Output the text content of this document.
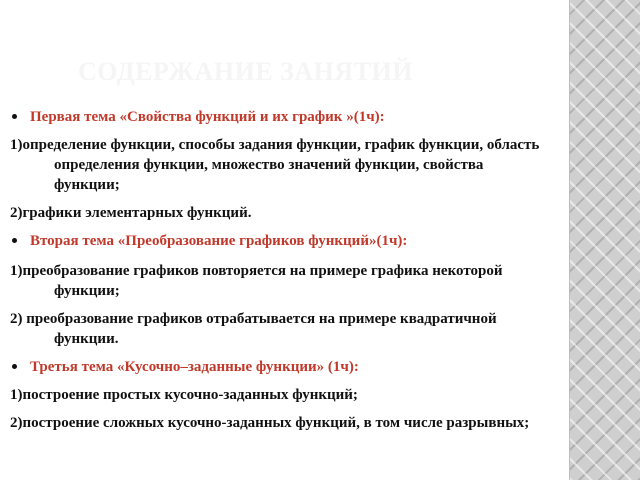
СОДЕРЖАНИЕ ЗАНЯТИЙ
Первая тема «Свойства функций и их график »(1ч):
1)определение функции, способы задания функции, график функции, область определения функции, множество значений функции, свойства функции;
2)графики элементарных функций.
Вторая тема «Преобразование графиков функций»(1ч):
1)преобразование графиков повторяется на примере графика некоторой функции;
2) преобразование графиков отрабатывается на примере квадратичной функции.
Третья тема «Кусочно–заданные функции» (1ч):
1)построение простых кусочно-заданных функций;
2)построение сложных кусочно-заданных функций, в том числе разрывных;
